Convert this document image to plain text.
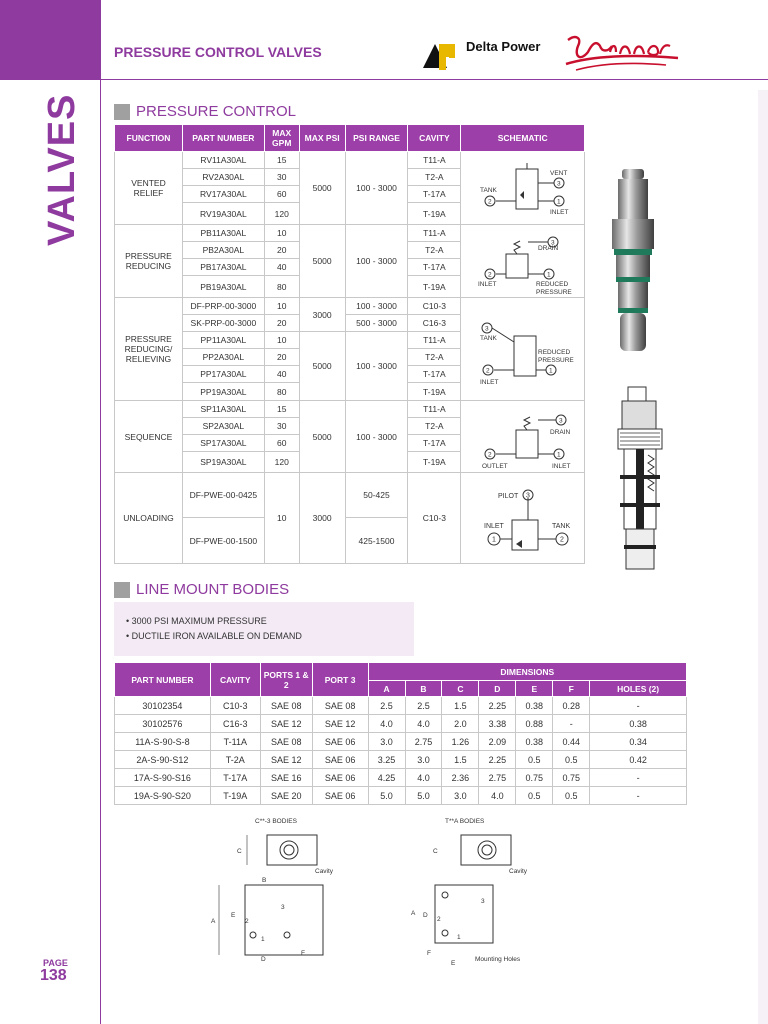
PRESSURE CONTROL VALVES	Delta Power
VALVES
PAGE
138
PRESSURE CONTROL
FUNCTION	PART NUMBER	MAX GPM	MAX PSI	PSI RANGE	CAVITY	SCHEMATIC
VENTED RELIEF	RV11A30AL	15	5000	100 - 3000	T11-A	
	RV2A30AL	30			T2-A	
	RV17A30AL	60			T-17A	
	RV19A30AL	120			T-19A	
PRESSURE REDUCING	PB11A30AL	10	5000	100 - 3000	T11-A	
	PB2A30AL	20			T2-A	
	PB17A30AL	40			T-17A	
	PB19A30AL	80			T-19A	
PRESSURE REDUCING/ RELIEVING	DF-PRP-00-3000	10	3000	100 - 3000	C10-3	
	SK-PRP-00-3000	20		500 - 3000	C16-3	
	PP11A30AL	10	5000	100 - 3000	T11-A	
	PP2A30AL	20			T2-A	
	PP17A30AL	40			T-17A	
	PP19A30AL	80			T-19A	
SEQUENCE	SP11A30AL	15	5000	100 - 3000	T11-A	
	SP2A30AL	30			T2-A	
	SP17A30AL	60			T-17A	
	SP19A30AL	120			T-19A	
UNLOADING	DF-PWE-00-0425	10	3000	50-425	C10-3	
	DF-PWE-00-1500			425-1500		
VENT
TANK
INLET
3
2	1
DRAIN
INLET	REDUCED
PRESSURE
3
2	1
TANK
REDUCED
PRESSURE
INLET
3
2	1
DRAIN
OUTLET	INLET
3
2	1
PILOT
INLET	TANK
3
1	2
LINE MOUNT BODIES
• 3000 PSI MAXIMUM PRESSURE
• DUCTILE IRON AVAILABLE ON DEMAND
PART NUMBER	CAVITY	PORTS 1 & 2	PORT 3	DIMENSIONS						
				A	B	C	D	E	F	HOLES (2)
30102354	C10-3	SAE 08	SAE 08	2.5	2.5	1.5	2.25	0.38	0.28	-
30102576	C16-3	SAE 12	SAE 12	4.0	4.0	2.0	3.38	0.88	-	0.38
11A-S-90-S-8	T-11A	SAE 08	SAE 06	3.0	2.75	1.26	2.09	0.38	0.44	0.34
2A-S-90-S12	T-2A	SAE 12	SAE 06	3.25	3.0	1.5	2.25	0.5	0.5	0.42
17A-S-90-S16	T-17A	SAE 16	SAE 06	4.25	4.0	2.36	2.75	0.75	0.75	-
19A-S-90-S20	T-19A	SAE 20	SAE 06	5.0	5.0	3.0	4.0	0.5	0.5	-
C**-3 BODIES
C
Cavity
B
A
E
2
3
1
D
F
T**A BODIES
C
Cavity
A D
3
2
1
F
E
Mounting Holes
